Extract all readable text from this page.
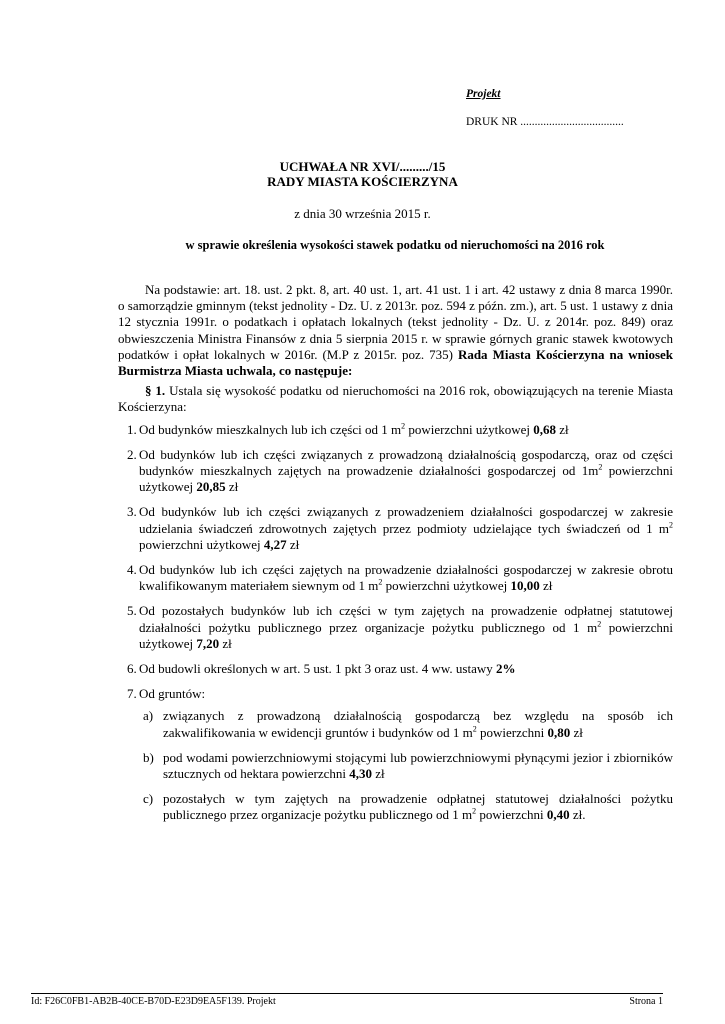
Projekt
DRUK NR ....................................
UCHWAŁA NR XVI/........./15
RADY MIASTA KOŚCIERZYNA
z dnia 30 września 2015 r.
w sprawie określenia wysokości stawek podatku od nieruchomości na 2016 rok

Na podstawie: art. 18. ust. 2 pkt. 8, art. 40 ust. 1, art. 41 ust. 1 i art. 42 ustawy z dnia 8 marca 1990r. o samorządzie gminnym (tekst jednolity - Dz. U. z 2013r. poz. 594 z późn. zm.), art. 5 ust. 1 ustawy z dnia 12 stycznia 1991r. o podatkach i opłatach lokalnych (tekst jednolity - Dz. U. z 2014r. poz. 849) oraz obwieszczenia Ministra Finansów z dnia 5 sierpnia 2015 r. w sprawie górnych granic stawek kwotowych podatków i opłat lokalnych w 2016r. (M.P z 2015r. poz. 735) Rada Miasta Kościerzyna na wniosek Burmistrza Miasta uchwala, co następuje:

§ 1. Ustala się wysokość podatku od nieruchomości na 2016 rok, obowiązujących na terenie Miasta Kościerzyna:

1. Od budynków mieszkalnych lub ich części od 1 $m^2$ powierzchni użytkowej 0,68 zł
2. Od budynków lub ich części związanych z prowadzoną działalnością gospodarczą, oraz od części budynków mieszkalnych zajętych na prowadzenie działalności gospodarczej od $1m^2$ powierzchni użytkowej 20,85 zł
3. Od budynków lub ich części związanych z prowadzeniem działalności gospodarczej w zakresie udzielania świadczeń zdrowotnych zajętych przez podmioty udzielające tych świadczeń od 1 $m^2$ powierzchni użytkowej 4,27 zł
4. Od budynków lub ich części zajętych na prowadzenie działalności gospodarczej w zakresie obrotu kwalifikowanym materiałem siewnym od 1 $m^2$ powierzchni użytkowej 10,00 zł
5. Od pozostałych budynków lub ich części w tym zajętych na prowadzenie odpłatnej statutowej działalności pożytku publicznego przez organizacje pożytku publicznego od 1 $m^2$ powierzchni użytkowej 7,20 zł
6. Od budowli określonych w art. 5 ust. 1 pkt 3 oraz ust. 4 ww. ustawy 2%
7. Od gruntów:
a) związanych z prowadzoną działalnością gospodarczą bez względu na sposób ich zakwalifikowania w ewidencji gruntów i budynków od 1 $m^2$ powierzchni 0,80 zł
b) pod wodami powierzchniowymi stojącymi lub powierzchniowymi płynącymi jezior i zbiorników sztucznych od hektara powierzchni 4,30 zł
c) pozostałych w tym zajętych na prowadzenie odpłatnej statutowej działalności pożytku publicznego przez organizacje pożytku publicznego od 1 $m^2$ powierzchni 0,40 zł.
Id: F26C0FB1-AB2B-40CE-B70D-E23D9EA5F139. Projekt	Strona 1
